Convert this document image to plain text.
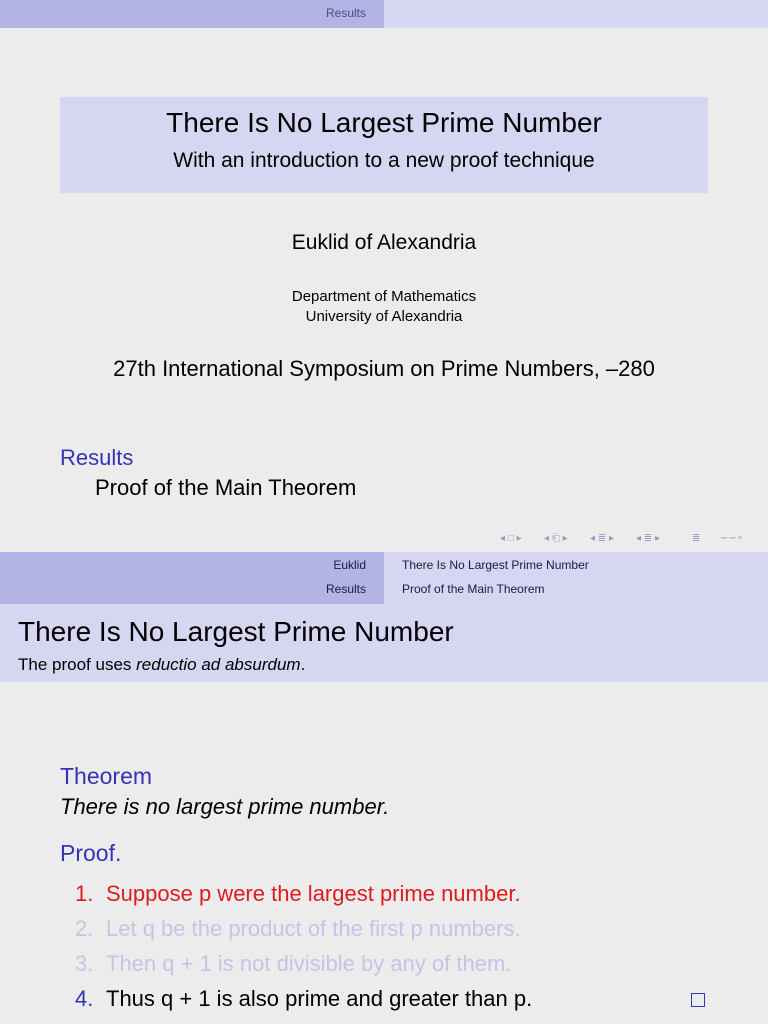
Results
There Is No Largest Prime Number
With an introduction to a new proof technique
Euklid of Alexandria
Department of Mathematics
University of Alexandria
27th International Symposium on Prime Numbers, –280
Results
Proof of the Main Theorem
◂ □ ▸ ◂ ⎗ ▸ ◂ ≣ ▸ ◂ ≣ ▸	≣ ∽∽∘
Euklid	There Is No Largest Prime Number
Results	Proof of the Main Theorem
There Is No Largest Prime Number
The proof uses reductio ad absurdum.
Theorem
There is no largest prime number.
Proof.
1. Suppose p were the largest prime number.
2. Let q be the product of the first p numbers.
3. Then q + 1 is not divisible by any of them.
4. Thus q + 1 is also prime and greater than p.
